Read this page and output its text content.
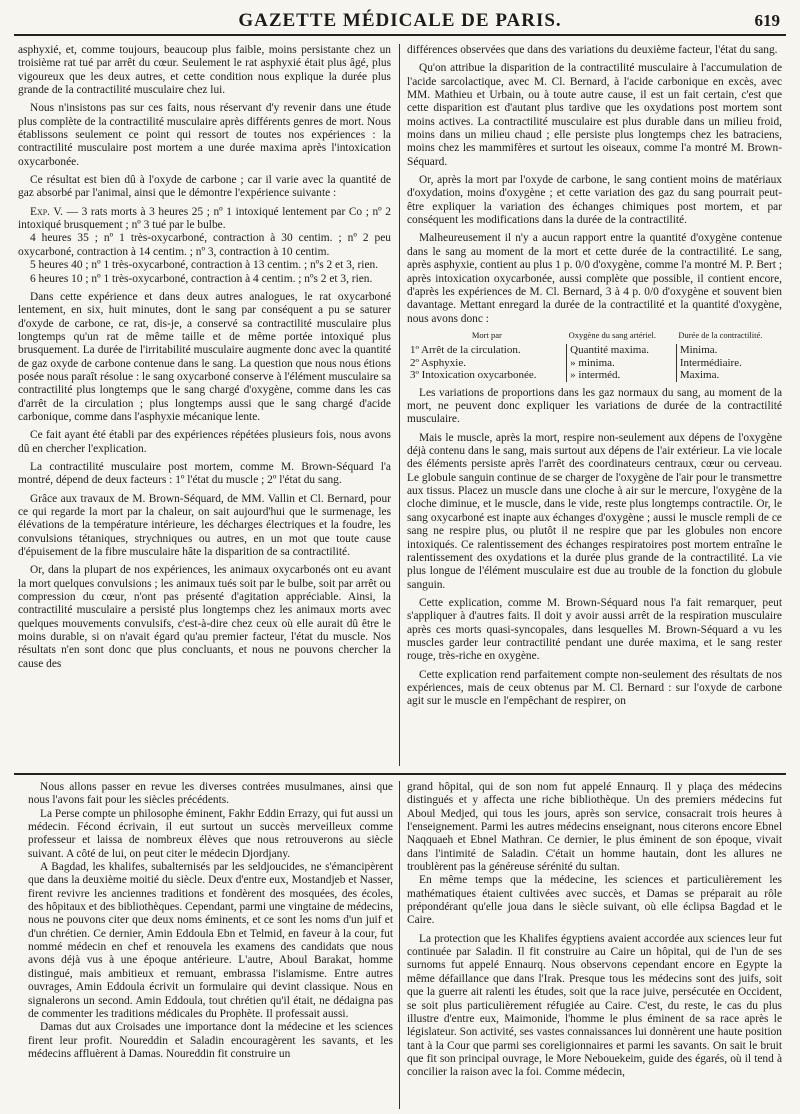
GAZETTE MÉDICALE DE PARIS.	619

asphyxié, et, comme toujours, beaucoup plus faible, moins persistante chez un troisième rat tué par arrêt du cœur. Seulement le rat asphyxié était plus âgé, plus vigoureux que les deux autres, et cette condition nous explique la durée plus grande de la contractilité musculaire chez lui.

Nous n'insistons pas sur ces faits, nous réservant d'y revenir dans une étude plus complète de la contractilité musculaire après différents genres de mort. Nous établissons seulement ce point qui ressort de toutes nos expériences : la contractilité musculaire post mortem a une durée maxima après l'intoxication oxycarbonée.

Ce résultat est bien dû à l'oxyde de carbone ; car il varie avec la quantité de gaz absorbé par l'animal, ainsi que le démontre l'expérience suivante :

Exp. V. — 3 rats morts à 3 heures 25 ; nº 1 intoxiqué lentement par Co ; nº 2 intoxiqué brusquement ; nº 3 tué par le bulbe.

4 heures 35 ; nº 1 très-oxycarboné, contraction à 30 centim. ; nº 2 peu oxycarboné, contraction à 14 centim. ; nº 3, contraction à 10 centim.

5 heures 40 ; nº 1 très-oxycarboné, contraction à 13 centim. ; nºs 2 et 3, rien.

6 heures 10 ; nº 1 très-oxycarboné, contraction à 4 centim. ; nºs 2 et 3, rien.

Dans cette expérience et dans deux autres analogues, le rat oxycarboné lentement, en six, huit minutes, dont le sang par conséquent a pu se saturer d'oxyde de carbone, ce rat, dis-je, a conservé sa contractilité musculaire plus longtemps qu'un rat de même taille et de même portée intoxiqué plus brusquement. La durée de l'irritabilité musculaire augmente donc avec la quantité de gaz oxyde de carbone contenue dans le sang. La question que nous nous étions posée nous paraît résolue : le sang oxycarboné conserve à l'élément musculaire sa contractilité plus longtemps que le sang chargé d'oxygène, comme dans les cas d'arrêt de la circulation ; plus longtemps aussi que le sang chargé d'acide carbonique, comme dans l'asphyxie mécanique lente.

Ce fait ayant été établi par des expériences répétées plusieurs fois, nous avons dû en chercher l'explication.

La contractilité musculaire post mortem, comme M. Brown-Séquard l'a montré, dépend de deux facteurs : 1º l'état du muscle ; 2º l'état du sang.

Grâce aux travaux de M. Brown-Séquard, de MM. Vallin et Cl. Bernard, pour ce qui regarde la mort par la chaleur, on sait aujourd'hui que le surmenage, les élévations de la température intérieure, les décharges électriques et la foudre, les convulsions tétaniques, strychniques ou autres, en un mot que toute cause d'épuisement de la fibre musculaire hâte la disparition de sa contractilité.

Or, dans la plupart de nos expériences, les animaux oxycarbonés ont eu avant la mort quelques convulsions ; les animaux tués soit par le bulbe, soit par arrêt ou compression du cœur, n'ont pas présenté d'agitation appréciable. Ainsi, la contractilité musculaire a persisté plus longtemps chez les animaux morts avec quelques mouvements convulsifs, c'est-à-dire chez ceux où elle aurait dû être le moins durable, si on n'avait égard qu'au premier facteur, l'état du muscle. Nos résultats n'en sont donc que plus concluants, et nous ne pouvons chercher la cause des

différences observées que dans des variations du deuxième facteur, l'état du sang.

Qu'on attribue la disparition de la contractilité musculaire à l'accumulation de l'acide sarcolactique, avec M. Cl. Bernard, à l'acide carbonique en excès, avec MM. Mathieu et Urbain, ou à toute autre cause, il est un fait certain, c'est que cette disparition est d'autant plus tardive que les oxydations post mortem sont moins actives. La contractilité musculaire est plus durable dans un milieu froid, moins dans un milieu chaud ; elle persiste plus longtemps chez les batraciens, moins chez les mammifères et surtout les oiseaux, comme l'a montré M. Brown-Séquard.

Or, après la mort par l'oxyde de carbone, le sang contient moins de matériaux d'oxydation, moins d'oxygène ; et cette variation des gaz du sang pourrait peut-être expliquer la variation des échanges chimiques post mortem, et par conséquent les modifications dans la durée de la contractilité.

Malheureusement il n'y a aucun rapport entre la quantité d'oxygène contenue dans le sang au moment de la mort et cette durée de la contractilité. Le sang, après asphyxie, contient au plus 1 p. 0/0 d'oxygène, comme l'a montré M. P. Bert ; après intoxication oxycarbonée, aussi complète que possible, il contient encore, d'après les expériences de M. Cl. Bernard, 3 à 4 p. 0/0 d'oxygène et souvent bien davantage. Mettant enregard la durée de la contractilité et la quantité d'oxygène, nous avons donc :

Mort par	Oxygène du sang artériel.	Durée de la contractilité.
1º Arrêt de la circulation.	Quantité maxima.	Minima.
2º Asphyxie.	» minima.	Intermédiaire.
3º Intoxication oxycarbonée.	» interméd.	Maxima.

Les variations de proportions dans les gaz normaux du sang, au moment de la mort, ne peuvent donc expliquer les variations de durée de la contractilité musculaire.

Mais le muscle, après la mort, respire non-seulement aux dépens de l'oxygène déjà contenu dans le sang, mais surtout aux dépens de l'air extérieur. La vie locale des éléments persiste après l'arrêt des coordinateurs centraux, cœur ou cerveau. Le globule sanguin continue de se charger de l'oxygène de l'air pour le transmettre aux tissus. Placez un muscle dans une cloche à air sur le mercure, l'oxygène de la cloche diminue, et le muscle, dans le vide, reste plus longtemps contractile. Or, le sang oxycarboné est inapte aux échanges d'oxygène ; aussi le muscle rempli de ce sang ne respire plus, ou plutôt il ne respire que par les globules non encore intoxiqués. Ce ralentissement des échanges respiratoires post mortem entraîne le ralentissement des oxydations et la durée plus grande de la contractilité. La vie plus longue de l'élément musculaire est due au trouble de la fonction du globule sanguin.

Cette explication, comme M. Brown-Séquard nous l'a fait remarquer, peut s'appliquer à d'autres faits. Il doit y avoir aussi arrêt de la respiration musculaire après ces morts quasi-syncopales, dans lesquelles M. Brown-Séquard a vu les muscles garder leur contractilité pendant une durée maxima, et le sang rester rouge, très-riche en oxygène.

Cette explication rend parfaitement compte non-seulement des résultats de nos expériences, mais de ceux obtenus par M. Cl. Bernard : sur l'oxyde de carbone agit sur le muscle en l'empêchant de respirer, on

Nous allons passer en revue les diverses contrées musulmanes, ainsi que nous l'avons fait pour les siècles précédents.

La Perse compte un philosophe éminent, Fakhr Eddin Errazy, qui fut aussi un médecin. Fécond écrivain, il eut surtout un succès merveilleux comme professeur et laissa de nombreux élèves que nous retrouverons au siècle suivant. A côté de lui, on peut citer le médecin Djordjany.

A Bagdad, les khalifes, subalternisés par les seldjoucides, ne s'émancipèrent que dans la deuxième moitié du siècle. Deux d'entre eux, Mostandjeb et Nasser, firent revivre les anciennes traditions et fondèrent des mosquées, des écoles, des hôpitaux et des bibliothèques. Cependant, parmi une vingtaine de médecins, nous ne pouvons citer que deux noms éminents, et ce sont les noms d'un juif et d'un chrétien. Ce dernier, Amin Eddoula Ebn et Telmid, en faveur à la cour, fut nommé médecin en chef et renouvela les examens des candidats que nous avons déjà vus à une époque antérieure. L'autre, Aboul Barakat, homme distingué, mais ambitieux et remuant, embrassa l'islamisme. Entre autres ouvrages, Amin Eddoula écrivit un formulaire qui devint classique. Nous en signalerons un second. Amin Eddoula, tout chrétien qu'il était, ne dédaigna pas de commenter les traditions médicales du Prophète. Il professait aussi.

Damas dut aux Croisades une importance dont la médecine et les sciences firent leur profit. Noureddin et Saladin encouragèrent les savants, et les médecins affluèrent à Damas. Noureddin fit construire un

grand hôpital, qui de son nom fut appelé Ennaurq. Il y plaça des médecins distingués et y affecta une riche bibliothèque. Un des premiers médecins fut Aboul Medjed, qui tous les jours, après son service, consacrait trois heures à l'enseignement. Parmi les autres médecins enseignant, nous citerons encore Ebnel Naqquaeh et Ebnel Mathran. Ce dernier, le plus éminent de son époque, vivait dans l'intimité de Saladin. C'était un homme hautain, dont les allures ne troublèrent pas la généreuse sérénité du sultan.

En même temps que la médecine, les sciences et particulièrement les mathématiques étaient cultivées avec succès, et Damas se préparait au rôle prépondérant qu'elle joua dans le siècle suivant, où elle éclipsa Bagdad et le Caire.

La protection que les Khalifes égyptiens avaient accordée aux sciences leur fut continuée par Saladin. Il fit construire au Caire un hôpital, qui de l'un de ses surnoms fut appelé Ennaurq. Nous observons cependant encore en Egypte la même défaillance que dans l'Irak. Presque tous les médecins sont des juifs, soit que la guerre ait ralenti les études, soit que la race juive, persécutée en Occident, se soit plus particulièrement réfugiée au Caire. C'est, du reste, le cas du plus illustre d'entre eux, Maimonide, l'homme le plus éminent de sa race après le législateur. Son activité, ses vastes connaissances lui donnèrent une haute position tant à la Cour que parmi ses coreligionnaires et parmi les savants. On sait le bruit que fit son principal ouvrage, le More Nebouekeim, guide des égarés, où il tend à concilier la raison avec la foi. Comme médecin,
